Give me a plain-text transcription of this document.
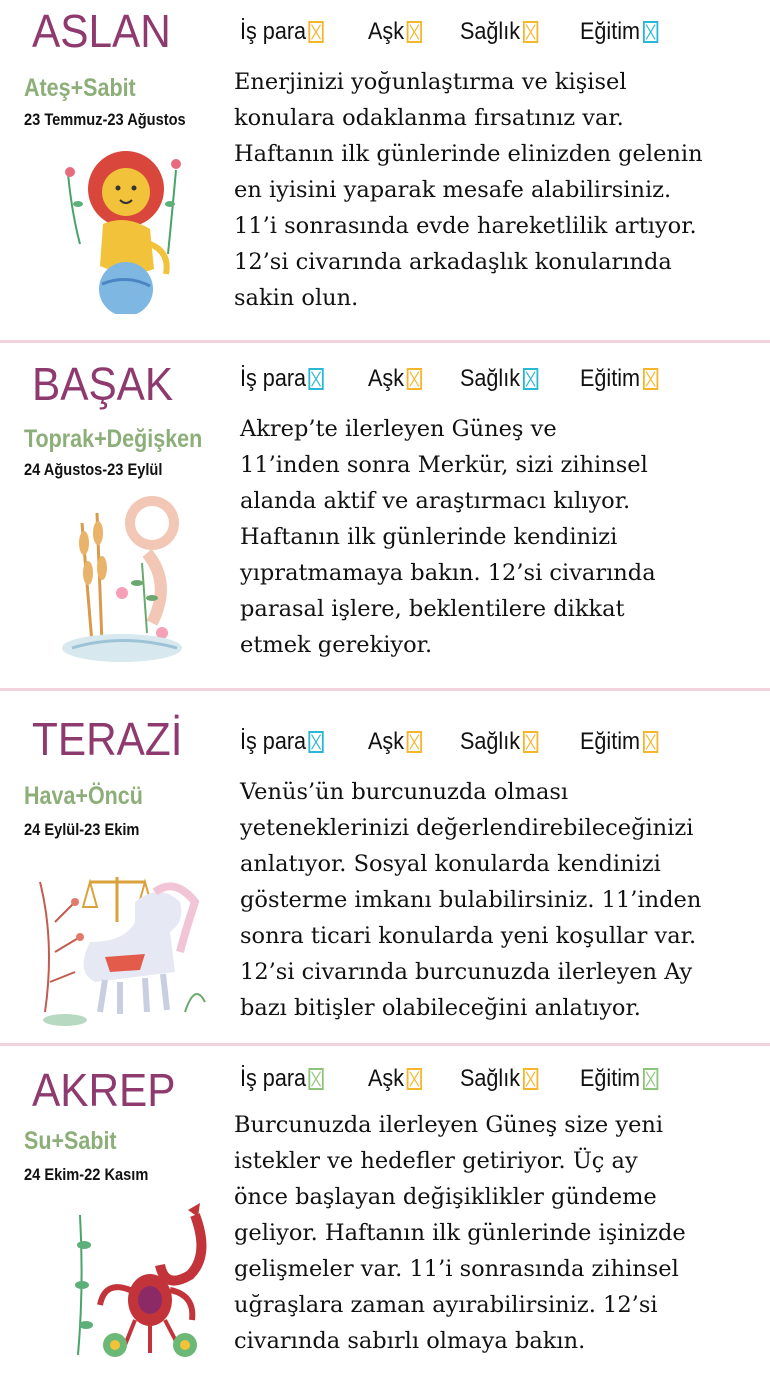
ASLAN
Ateş+Sabit
23 Temmuz-23 Ağustos
İş para	Aşk Sağlık Eğitim
Enerjinizi yoğunlaştırma ve kişisel
konulara odaklanma fırsatınız var.
Haftanın ilk günlerinde elinizden gelenin
en iyisini yaparak mesafe alabilirsiniz.
11’i sonrasında evde hareketlilik artıyor.
12’si civarında arkadaşlık konularında
sakin olun.
BAŞAK
Toprak+Değişken
24 Ağustos-23 Eylül
İş para	Aşk Sağlık Eğitim
Akrep’te ilerleyen Güneş ve
11’inden sonra Merkür, sizi zihinsel
alanda aktif ve araştırmacı kılıyor.
Haftanın ilk günlerinde kendinizi
yıpratmamaya bakın. 12’si civarında
parasal işlere, beklentilere dikkat
etmek gerekiyor.
TERAZİ
Hava+Öncü
24 Eylül-23 Ekim
İş para	Aşk Sağlık Eğitim
Venüs’ün burcunuzda olması
yeteneklerinizi değerlendirebileceğinizi
anlatıyor. Sosyal konularda kendinizi
gösterme imkanı bulabilirsiniz. 11’inden
sonra ticari konularda yeni koşullar var.
12’si civarında burcunuzda ilerleyen Ay
bazı bitişler olabileceğini anlatıyor.
AKREP
Su+Sabit
24 Ekim-22 Kasım
İş para	Aşk Sağlık Eğitim
Burcunuzda ilerleyen Güneş size yeni
istekler ve hedefler getiriyor. Üç ay
önce başlayan değişiklikler gündeme
geliyor. Haftanın ilk günlerinde işinizde
gelişmeler var. 11’i sonrasında zihinsel
uğraşlara zaman ayırabilirsiniz. 12’si
civarında sabırlı olmaya bakın.
